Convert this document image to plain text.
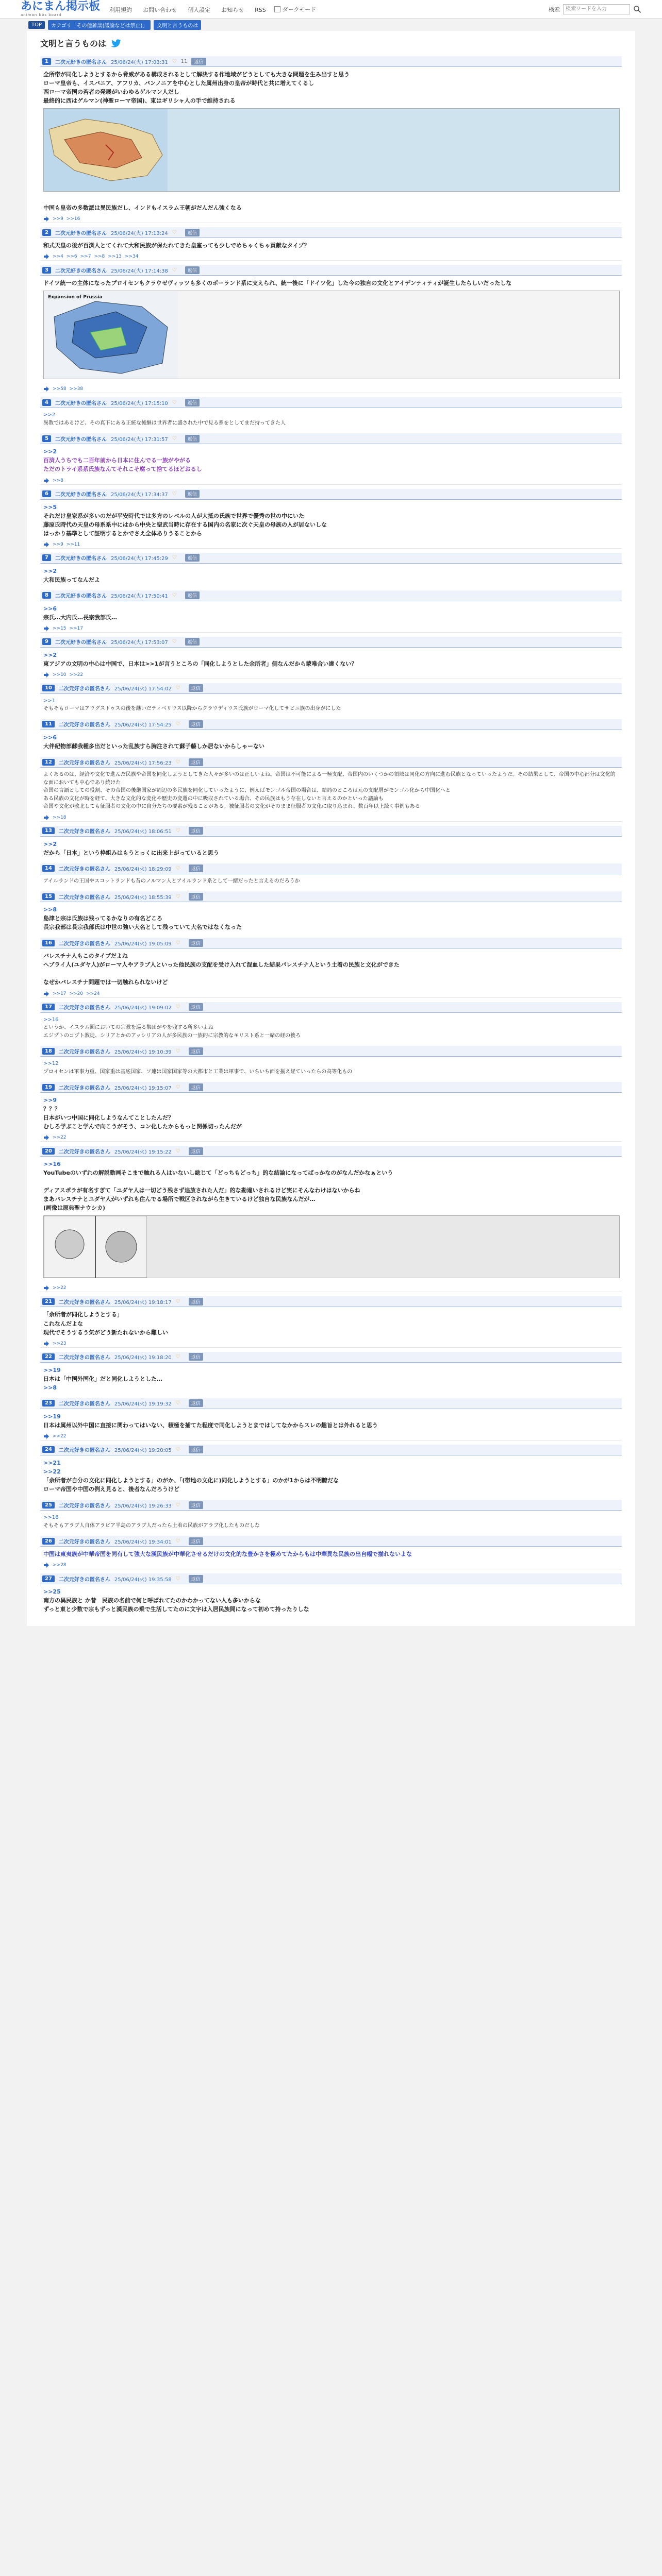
あにまん掲示板
animan bbs board
利用規約 お問い合わせ 個人設定 お知らせ RSS	ダークモード	検索
検索ワードを入力
TOP	カテゴリ「その他雑談(議論などは禁止)」	文明と言うものは
文明と言うものは
1	二次元好きの匿名さん 25/06/24(火) 17:03:31 ♡ 11	返信
全所帯が同化しようとするから脅威がある構成されるとして解決する作地域がどうとしても大きな問題を生み出すと思う
ローマ皇帝も、イスパニア、アフリカ、パンノニアを中心とした属州出身の皇帝が時代と共に増えてくるし
西ローマ帝国の若者の発展がいわゆるゲルマン人だし
最終的に西はゲルマン(神聖ローマ帝国)、東はギリシャ人の手で維持される

中国も皇帝の多数派は異民族だし、インドもイスラム王朝がだんだん強くなる
>>9 >>16
2	二次元好きの匿名さん 25/06/24(火) 17:13:24 ♡	返信
和式天皇の後が百済人とてくれて大和民族が保たれてきた皇室っても少しでめちゃくちゃ貢献なタイプ？
>>4 >>6 >>7 >>8 >>13 >>34
3	二次元好きの匿名さん 25/06/24(火) 17:14:38 ♡	返信
ドイツ統一の主体になったプロイセンもクラウゼヴィッツも多くのポーランド系に支えられ、統一後に「ドイツ化」した今の独自の文化とアイデンティティが誕生したらしいだったしな
Expansion of Prussia
>>58 >>38
4	二次元好きの匿名さん 25/06/24(火) 17:15:10 ♡	返信
>>2
異教ではあるけど、その真下にある正統な後継は世界者に盛された中で見る系をとしてまだ持ってきた人
5	二次元好きの匿名さん 25/06/24(火) 17:31:57 ♡	返信
>>2
百済人うちでも二百年前から日本に住んでる一族がやがる
ただのトライ系系氏族なんてそれこそ腐って捨てるほどおるし
>>8
6	二次元好きの匿名さん 25/06/24(火) 17:34:37 ♡	返信
>>5
それだけ皇家系が多いのだが平安時代では多方のレベルの人が大抵の氏族で世界で優秀の世の中にいた
藤原氏時代の天皇の母系系中にはから中央と聖武当時に存在する国内の名家に次ぐ天皇の母族の人が居ないしな
はっかり基準として証明するとかでさえ全体ありうることから
>>9 >>11
7	二次元好きの匿名さん 25/06/24(火) 17:45:29 ♡	返信
>>2
大和民族ってなんだよ
8	二次元好きの匿名さん 25/06/24(火) 17:50:41 ♡	返信
>>6
宗氏…大内氏…長宗我部氏…
>>15 >>17
9	二次元好きの匿名さん 25/06/24(火) 17:53:07 ♡	返信
>>2
東アジアの文明の中心は中国で、日本は>>1が言うところの「同化しようとした余所者」側なんだから蒙唯合い違くない？
>>10 >>22
10	二次元好きの匿名さん 25/06/24(火) 17:54:02 ♡	返信
>>1
そもそもローマはアウグストゥスの後を継いだティベリウス以降からクラウディウス氏族がローマ化してサビニ族の出身がにした
11	二次元好きの匿名さん 25/06/24(火) 17:54:25 ♡	返信
>>6
大伴紀物部蘇我種多出だといった乱族すら胸注されて蘇子藤しか居ないからしゃーない
12	二次元好きの匿名さん 25/06/24(火) 17:56:23 ♡	返信
よくあるのは、経済や文化で進んだ民族や帝国を同化しようとしてきた人々が多いのは正しいよね。帝国は不可能による一極支配、帝国内のいくつかの領域は同化の方向に進む民族となっていったようだ。その結果として、帝国の中心部分は文化的な面においても中心であり続けた
帝国の言語としての役割、その帝国の後継国家が周辺の多民族を同化していったように、例えばモンゴル帝国の場合は、結局のところは元の支配層がモンゴル化から中国化へと
ある民族の文化が時を経て、大きな文化的な変化や歴史の変遷の中に吸収されている場合、その民族はもう存在しないと言えるのかといった議論も
帝国や文化が敗北しても征服者の文化の中に自分たちの要素が残ることがある。被征服者の文化がそのまま征服者の文化に取り込まれ、数百年以上続く事例もある
>>18
13	二次元好きの匿名さん 25/06/24(火) 18:06:51 ♡	返信
>>2
だから「日本」という枠組みはもうとっくに出来上がっていると思う
14	二次元好きの匿名さん 25/06/24(火) 18:29:09 ♡	返信
アイルランドの王国やスコットランドも昔のノルマン人とアイルランド系として一緒だったと言えるのだろうか
15	二次元好きの匿名さん 25/06/24(火) 18:55:39 ♡	返信
>>8
島津と宗は氏族は残ってるかなりの有名どころ
長宗我部は長宗我部氏は中世の強い大名として残っていて大名ではなくなった
16	二次元好きの匿名さん 25/06/24(火) 19:05:09 ♡	返信
バレスチナ人もこのタイプだよね
ヘブライ人(ユダヤ人)がローマ人やアラブ人といった他民族の支配を受け入れて混血した結果パレスチナ人という土着の民族と文化ができた

なぜかパレスチナ問題では一切触れられないけど
>>17 >>20 >>24
17	二次元好きの匿名さん 25/06/24(火) 19:09:02 ♡	返信
>>16
というか、イスラム圏においての宗教を巡る集団がやを残する所多いよね
エジプトのコプト教徒、シリアとかのアッシリアの人が多民族の一族的に宗教的なキリスト系と一緒の経の後ろ
18	二次元好きの匿名さん 25/06/24(火) 19:10:39 ♡	返信
>>12
プロイセンは軍事力重、国家重は基底国家、ソ連は国家国家等の大都市と工業は軍事で、いちいち面を揃え経ていったらの高等化もの
19	二次元好きの匿名さん 25/06/24(火) 19:15:07 ♡	返信
>>9
？？？
日本がいつ中国に同化しようなんてことしたんだ？
むしろ学ぶこと学んで向こうがそう、コン化したからもっと関係切ったんだが
>>22
20	二次元好きの匿名さん 25/06/24(火) 19:15:22 ♡	返信
>>16
YouTubeのいずれの解説動画そこまで触れる人はいないし総じて「どっちもどっち」的な結論になってばっかなのがなんだかなぁという

ディアスポラが有名すぎて「ユダヤ人は一切どう残さず追放された人だ」的な勘違いされるけど実にそんなわけはないからね
まあパレスチナとユダヤ人がいずれも住んでる場所で戦区されながら生きているけど独自な民族なんだが…
(画像は原典聖ナウシカ)
>>22
21	二次元好きの匿名さん 25/06/24(火) 19:18:17 ♡	返信
「余所者が同化しようとする」
これなんだよな
現代でそうするう気がどう新たれないから難しい
>>23
22	二次元好きの匿名さん 25/06/24(火) 19:18:20 ♡	返信
>>19
日本は「中国外国化」だと同化しようとした…
>>8
23	二次元好きの匿名さん 25/06/24(火) 19:19:32 ♡	返信
>>19
日本は属州以外中国に直接に関わってはいない、積極を捕てた程度で同化しようとまではしてなかからスレの趣旨とは外れると思う
>>22
24	二次元好きの匿名さん 25/06/24(火) 19:20:05 ♡	返信
>>21
>>22
「余所者が自分の文化に同化しようとする」のがか、「(帯地の文化に)同化しようとする」のかが1からは不明瞭だな
ローマ帝国や中国の例え見ると、後者なんだろうけど
25	二次元好きの匿名さん 25/06/24(火) 19:26:33 ♡	返信
>>16
そもそもアラブ人自体アラビア半島のアラブ人だったら土着の民族がアラブ化したものだしな
26	二次元好きの匿名さん 25/06/24(火) 19:34:01 ♡	返信
中国は東夷族が中華帝国を同有して強大な漢民族が中華化させるだけの文化的な豊かさを極めてたからもは中華異な民族の出自幅で揃れないよな
>>28
27	二次元好きの匿名さん 25/06/24(火) 19:35:58 ♡	返信
>>25
南方の異民族と か昔　民族の名前で何と呼ばれてたのかわかってない人も多いからな
ずっと東と少数で宗もずっと漢民族の乗で生活してたのに文字は入居民族間になって初めて持ったりしな
